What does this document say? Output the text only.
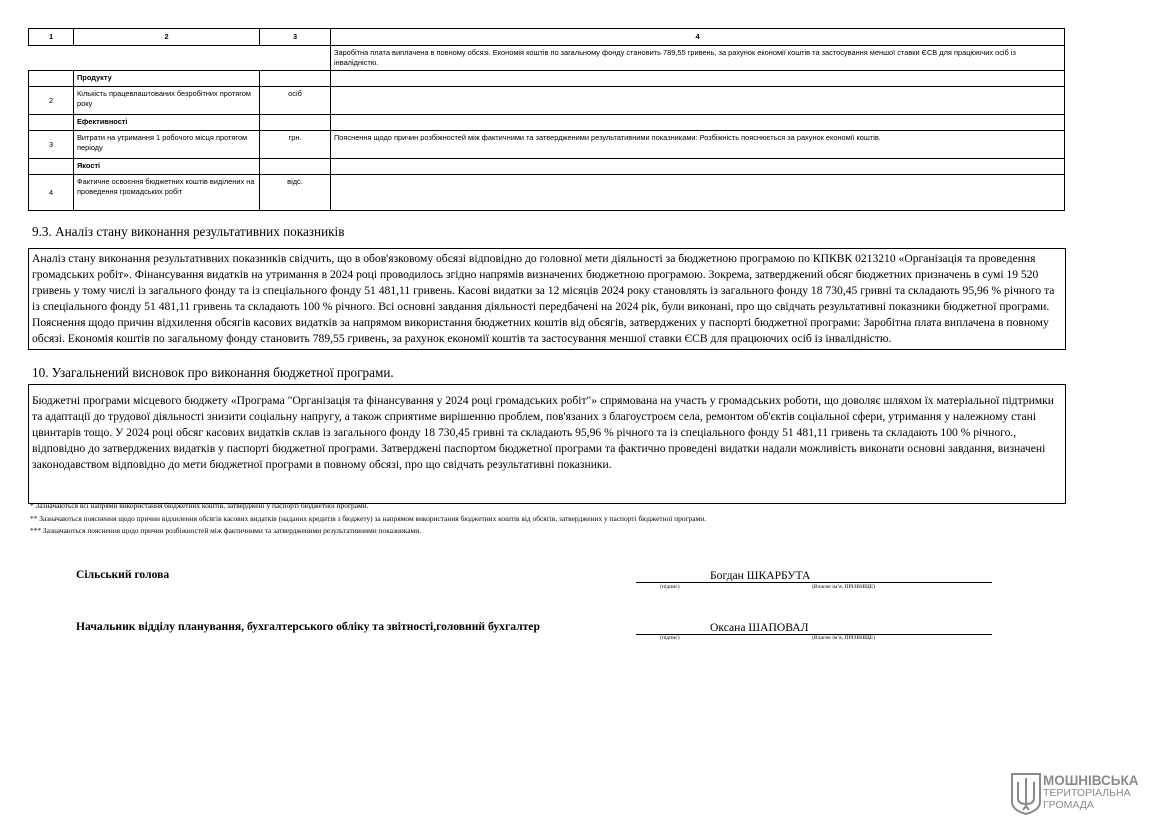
1	2	3	4
			Заробітна плата виплачена в повному обсязі. Економія коштів по загальному фонду становить 789,55 гривень, за рахунок економії коштів та застосування меншої ставки ЄСВ для працюючих осіб із інвалідністю.
	Продукту		
2	Кількість працевлаштованих безробітних протягом року	осіб	
	Ефективності		
3	Витрати на утримання 1 робочого місця протягом періоду	грн.	Пояснення щодо причин розбіжностей між фактичними та затвердженими результативними показниками: Розбіжність пояснюється за рахунок економії коштів.
	Якості		
4	Фактичне освоєння бюджетних коштів виділених на проведення громадських робіт	відс.	
9.3. Аналіз стану виконання результативних показників
Аналіз стану виконання результативних показників свідчить, що в обов'язковому обсязі відповідно до головної мети діяльності за бюджетною програмою по КПКВК 0213210 «Організація та проведення громадських робіт». Фінансування видатків на утримання в 2024 році проводилось згідно напрямів визначених бюджетною програмою. Зокрема, затверджений обсяг бюджетних призначень в сумі 19 520 гривень у тому числі із загального фонду та із спеціального фонду 51 481,11 гривень. Касові видатки за 12 місяців 2024 року становлять із загального фонду 18 730,45 гривні та складають 95,96 % річного та із спеціального фонду 51 481,11 гривень та складають 100 % річного. Всі основні завдання діяльності передбачені на 2024 рік, були виконані, про що свідчать результативні показники бюджетної програми. Пояснення щодо причин відхилення обсягів касових видатків за напрямом використання бюджетних коштів від обсягів, затверджених у паспорті бюджетної програми: Заробітна плата виплачена в повному обсязі. Економія коштів по загальному фонду становить 789,55 гривень, за рахунок економії коштів та застосування меншої ставки ЄСВ для працюючих осіб із інвалідністю.
10. Узагальнений висновок про виконання бюджетної програми.
Бюджетні програми місцевого бюджету «Програма "Організація та фінансування у 2024 році громадських робіт"» спрямована на участь у громадських роботи, що доволяє шляхом їх матеріальної підтримки та адаптації до трудової діяльності знизити соціальну напругу, а також сприятиме вирішенню проблем, пов'язаних з благоустроєм села, ремонтом об'єктів соціальної сфери, утримання у належному стані цвинтарів тощо. У 2024 році обсяг касових видатків склав із загального фонду 18 730,45 гривні та складають 95,96 % річного та із спеціального фонду 51 481,11 гривень та складають 100 % річного., відповідно до затверджених видатків у паспорті бюджетної програми. Затверджені паспортом бюджетної програми та фактично проведені видатки надали можливість виконати основні завдання, визначені законодавством відповідно до мети бюджетної програми в повному обсязі, про що свідчать результативні показники.
* Зазначаються всі напрями використання бюджетних коштів, затверджені у паспорті бюджетної програми.
** Зазначаються пояснення щодо причин відхилення обсягів касових видатків (наданих кредитів з бюджету) за напрямом використання бюджетних коштів від обсягів, затверджених у паспорті бюджетної програми.
*** Зазначаються пояснення щодо причин розбіжностей між фактичними та затвердженими результативними показниками.
Сільський голова	Богдан ШКАРБУТА
(підпис)	(Власне ім’я, ПРІЗВИЩЕ)
Начальник відділу планування, бухгалтерського обліку та звітності,головний бухгалтер	Оксана ШАПОВАЛ
(підпис)	(Власне ім’я, ПРІЗВИЩЕ)
МОШНІВСЬКА
ТЕРИТОРІАЛЬНА
ГРОМАДА
